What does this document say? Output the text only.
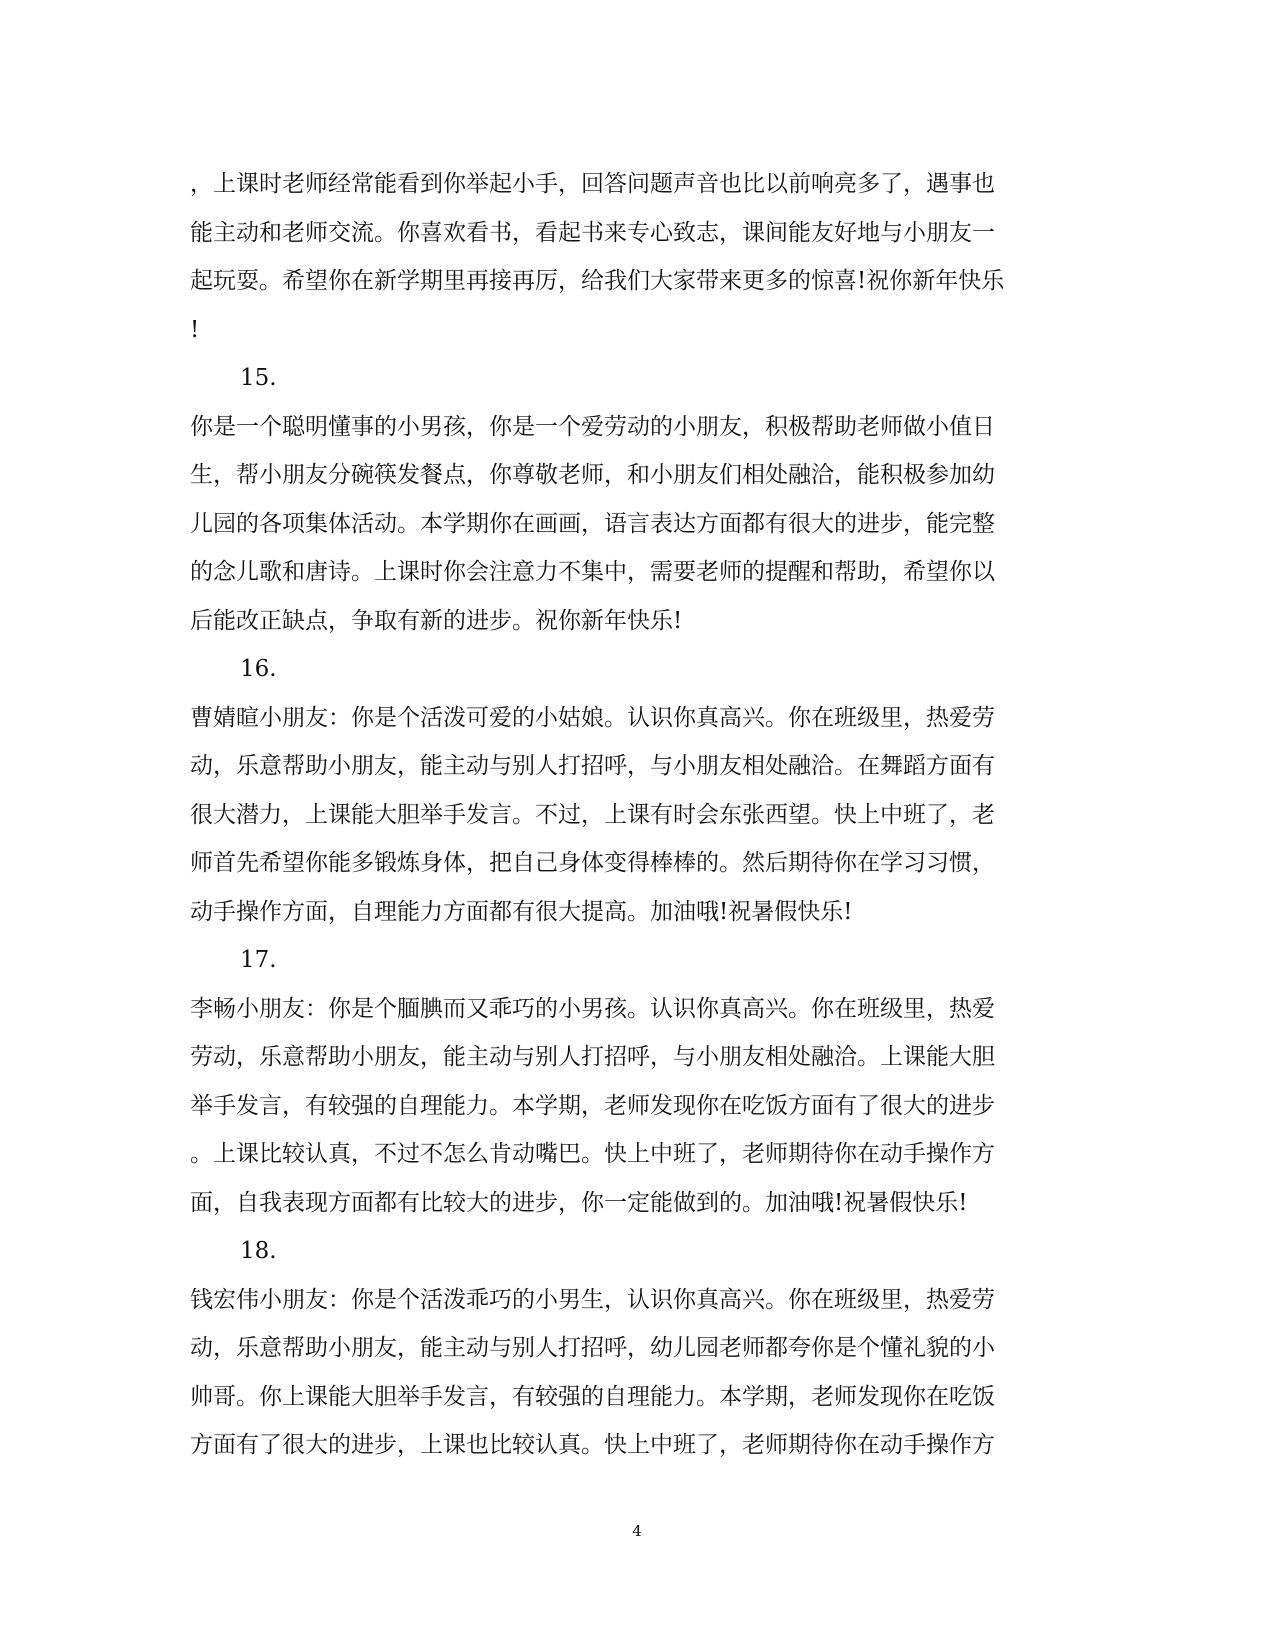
，上课时老师经常能看到你举起小手，回答问题声音也比以前响亮多了，遇事也
能主动和老师交流。你喜欢看书，看起书来专心致志，课间能友好地与小朋友一
起玩耍。希望你在新学期里再接再厉，给我们大家带来更多的惊喜!祝你新年快乐
!
15.
你是一个聪明懂事的小男孩，你是一个爱劳动的小朋友，积极帮助老师做小值日
生，帮小朋友分碗筷发餐点，你尊敬老师，和小朋友们相处融洽，能积极参加幼
儿园的各项集体活动。本学期你在画画，语言表达方面都有很大的进步，能完整
的念儿歌和唐诗。上课时你会注意力不集中，需要老师的提醒和帮助，希望你以
后能改正缺点，争取有新的进步。祝你新年快乐!
16.
曹婧暄小朋友：你是个活泼可爱的小姑娘。认识你真高兴。你在班级里，热爱劳
动，乐意帮助小朋友，能主动与别人打招呼，与小朋友相处融洽。在舞蹈方面有
很大潜力，上课能大胆举手发言。不过，上课有时会东张西望。快上中班了，老
师首先希望你能多锻炼身体，把自己身体变得棒棒的。然后期待你在学习习惯，
动手操作方面，自理能力方面都有很大提高。加油哦!祝暑假快乐!
17.
李畅小朋友：你是个腼腆而又乖巧的小男孩。认识你真高兴。你在班级里，热爱
劳动，乐意帮助小朋友，能主动与别人打招呼，与小朋友相处融洽。上课能大胆
举手发言，有较强的自理能力。本学期，老师发现你在吃饭方面有了很大的进步
。上课比较认真，不过不怎么肯动嘴巴。快上中班了，老师期待你在动手操作方
面，自我表现方面都有比较大的进步，你一定能做到的。加油哦!祝暑假快乐!
18.
钱宏伟小朋友：你是个活泼乖巧的小男生，认识你真高兴。你在班级里，热爱劳
动，乐意帮助小朋友，能主动与别人打招呼，幼儿园老师都夸你是个懂礼貌的小
帅哥。你上课能大胆举手发言，有较强的自理能力。本学期，老师发现你在吃饭
方面有了很大的进步，上课也比较认真。快上中班了，老师期待你在动手操作方
4
